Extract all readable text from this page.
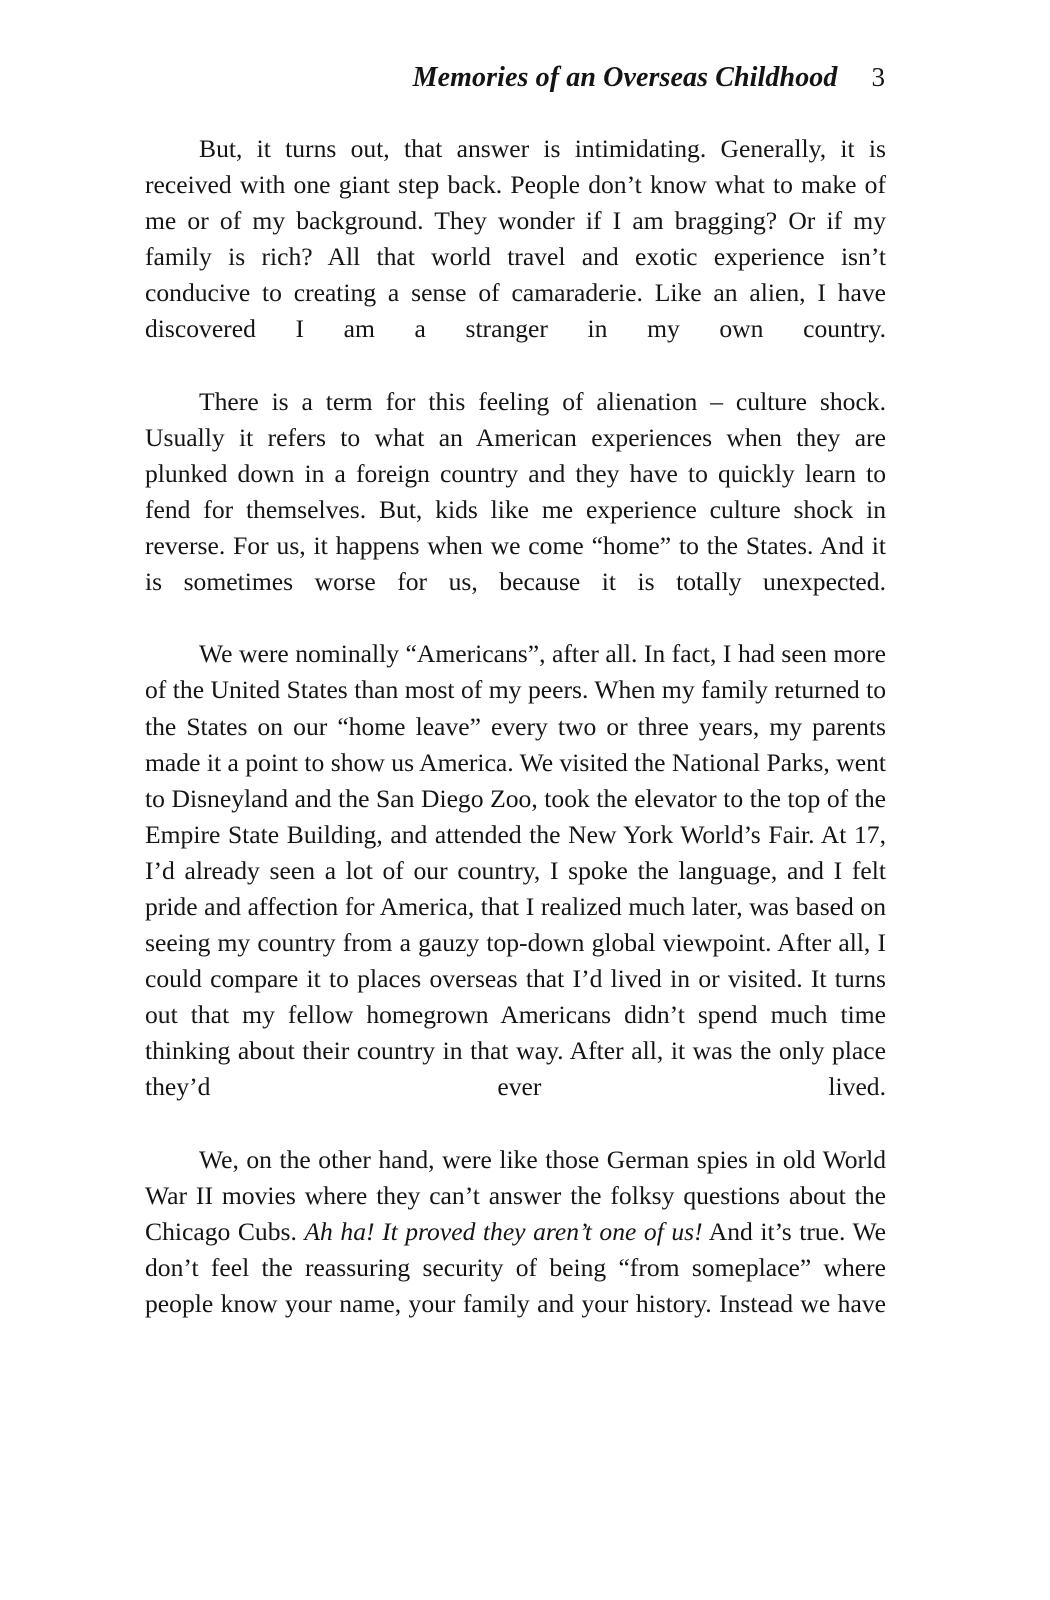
Memories of an Overseas Childhood 3

But, it turns out, that answer is intimidating. Generally, it is received with one giant step back. People don’t know what to make of me or of my background. They wonder if I am bragging? Or if my family is rich? All that world travel and exotic experience isn’t conducive to creating a sense of camaraderie. Like an alien, I have discovered I am a stranger in my own country.

There is a term for this feeling of alienation – culture shock. Usually it refers to what an American experiences when they are plunked down in a foreign country and they have to quickly learn to fend for themselves. But, kids like me experience culture shock in reverse. For us, it happens when we come “home” to the States. And it is sometimes worse for us, because it is totally unexpected.

We were nominally “Americans”, after all. In fact, I had seen more of the United States than most of my peers. When my family returned to the States on our “home leave” every two or three years, my parents made it a point to show us America. We visited the National Parks, went to Disneyland and the San Diego Zoo, took the elevator to the top of the Empire State Building, and attended the New York World’s Fair. At 17, I’d already seen a lot of our country, I spoke the language, and I felt pride and affection for America, that I realized much later, was based on seeing my country from a gauzy top-down global viewpoint. After all, I could compare it to places overseas that I’d lived in or visited. It turns out that my fellow homegrown Americans didn’t spend much time thinking about their country in that way. After all, it was the only place they’d ever lived.

We, on the other hand, were like those German spies in old World War II movies where they can’t answer the folksy questions about the Chicago Cubs. Ah ha! It proved they aren’t one of us! And it’s true. We don’t feel the reassuring security of being “from someplace” where people know your name, your family and your history. Instead we have
